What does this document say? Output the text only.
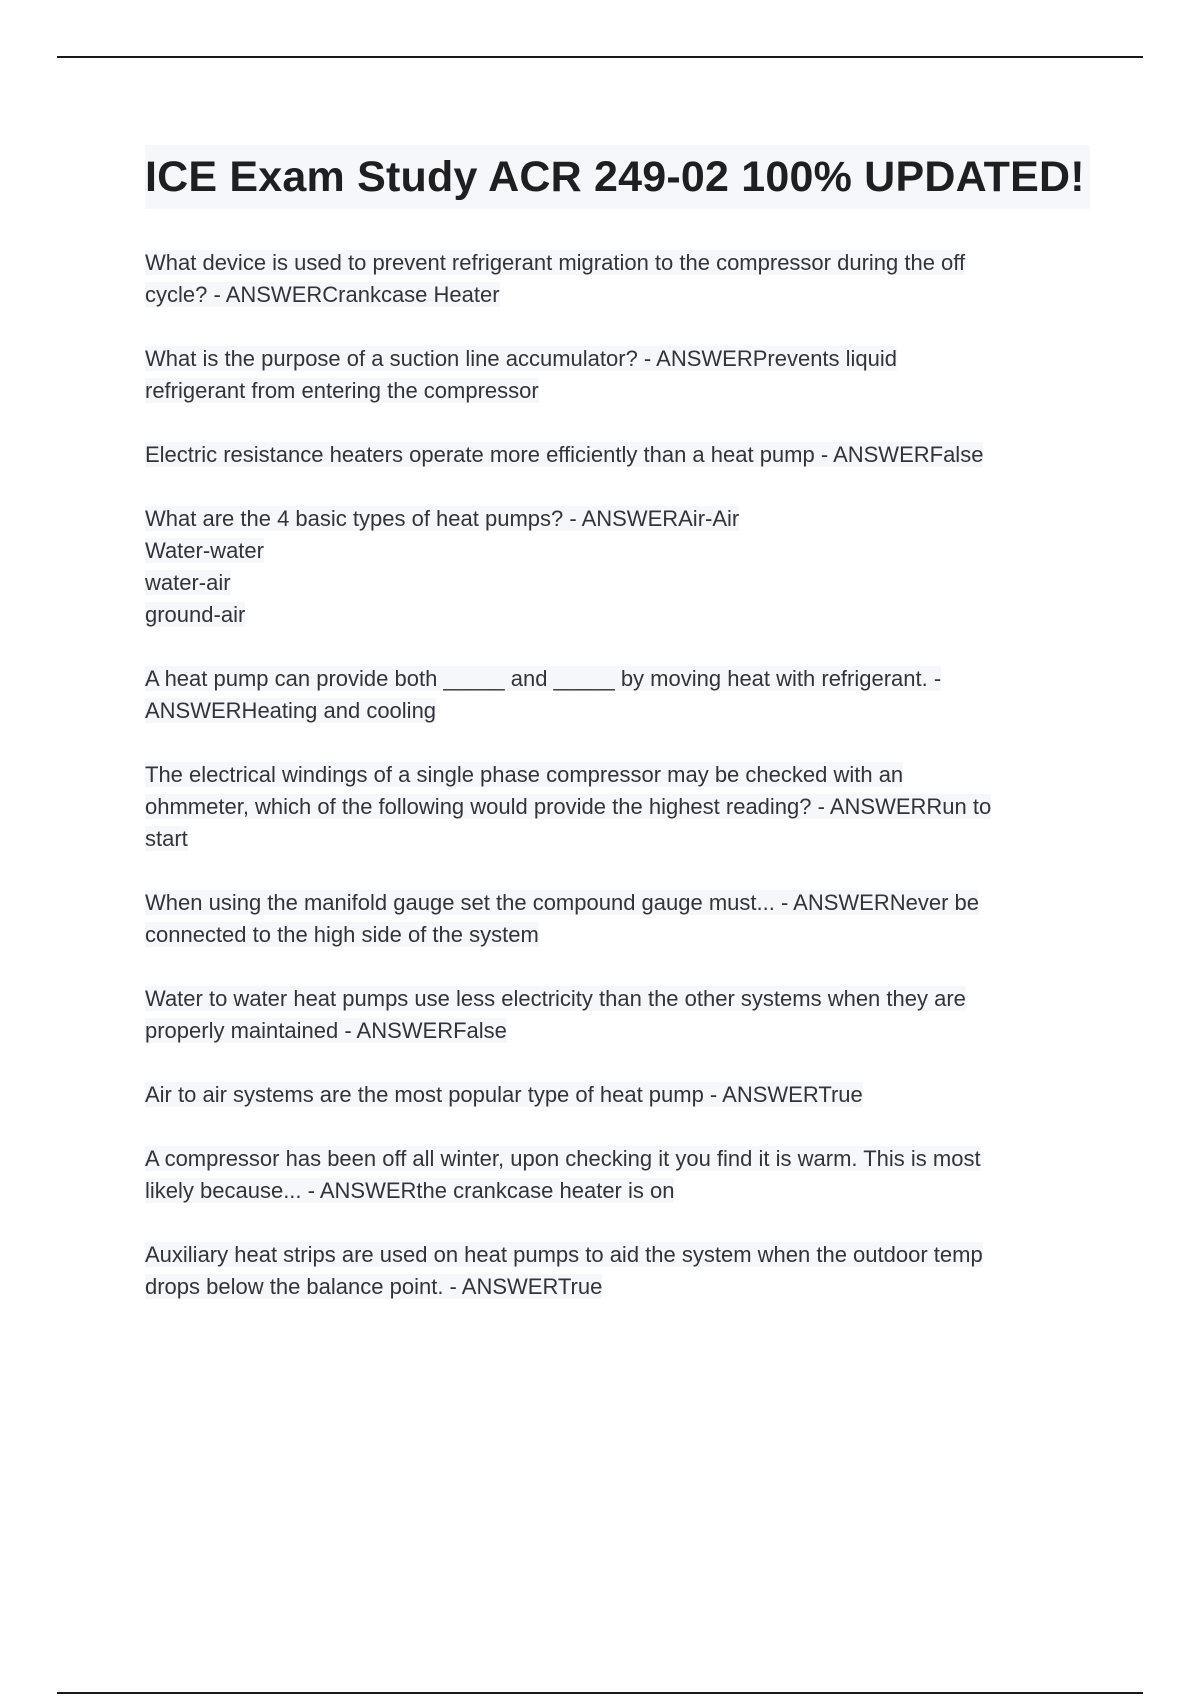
ICE Exam Study ACR 249-02 100% UPDATED!
What device is used to prevent refrigerant migration to the compressor during the off
cycle? - ANSWERCrankcase Heater
What is the purpose of a suction line accumulator? - ANSWERPrevents liquid
refrigerant from entering the compressor
Electric resistance heaters operate more efficiently than a heat pump - ANSWERFalse
What are the 4 basic types of heat pumps? - ANSWERAir-Air
Water-water
water-air
ground-air
A heat pump can provide both _____ and _____ by moving heat with refrigerant. -
ANSWERHeating and cooling
The electrical windings of a single phase compressor may be checked with an
ohmmeter, which of the following would provide the highest reading? - ANSWERRun to
start
When using the manifold gauge set the compound gauge must... - ANSWERNever be
connected to the high side of the system
Water to water heat pumps use less electricity than the other systems when they are
properly maintained - ANSWERFalse
Air to air systems are the most popular type of heat pump - ANSWERTrue
A compressor has been off all winter, upon checking it you find it is warm. This is most
likely because... - ANSWERthe crankcase heater is on
Auxiliary heat strips are used on heat pumps to aid the system when the outdoor temp
drops below the balance point. - ANSWERTrue
